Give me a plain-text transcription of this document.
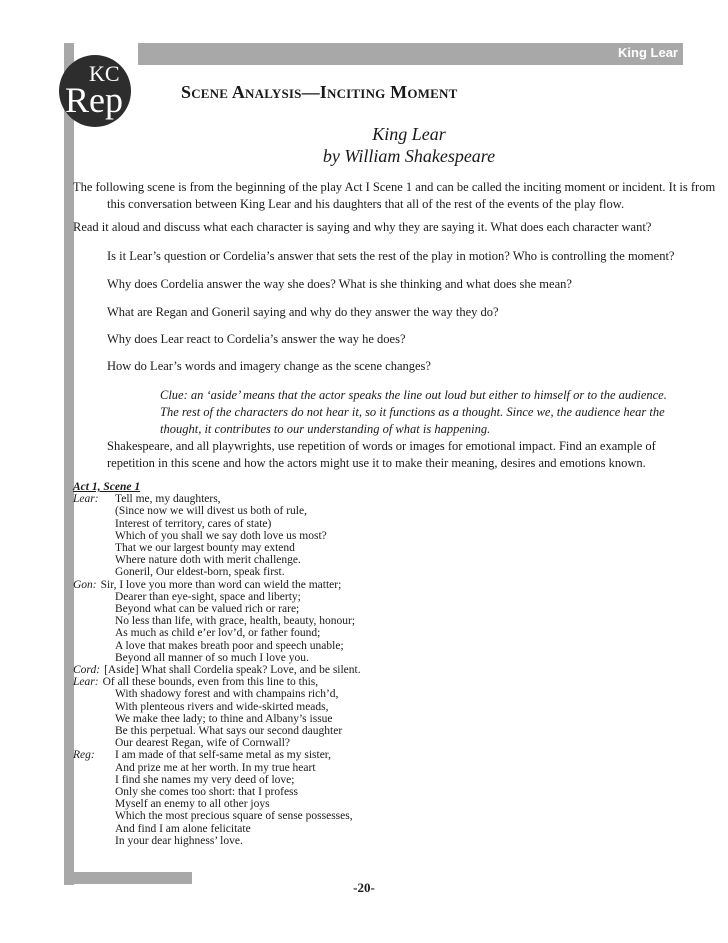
King Lear
KC
Rep	Scene Analysis—Inciting Moment
King Lear
by William Shakespeare
The following scene is from the beginning of the play Act I Scene 1 and can be called the inciting moment or incident. It is from this conversation between King Lear and his daughters that all of the rest of the events of the play flow.
Read it aloud and discuss what each character is saying and why they are saying it. What does each character want?
Is it Lear’s question or Cordelia’s answer that sets the rest of the play in motion? Who is controlling the moment?
Why does Cordelia answer the way she does? What is she thinking and what does she mean?
What are Regan and Goneril saying and why do they answer the way they do?
Why does Lear react to Cordelia’s answer the way he does?
How do Lear’s words and imagery change as the scene changes?
Clue: an ‘aside’ means that the actor speaks the line out loud but either to himself or to the audience. The rest of the characters do not hear it, so it functions as a thought. Since we, the audience hear the thought, it contributes to our understanding of what is happening.
Shakespeare, and all playwrights, use repetition of words or images for emotional impact. Find an example of repetition in this scene and how the actors might use it to make their meaning, desires and emotions known.
Act 1, Scene 1
Lear: Tell me, my daughters,
(Since now we will divest us both of rule,
Interest of territory, cares of state)
Which of you shall we say doth love us most?
That we our largest bounty may extend
Where nature doth with merit challenge.
Goneril, Our eldest-born, speak first.
Gon: Sir, I love you more than word can wield the matter;
Dearer than eye-sight, space and liberty;
Beyond what can be valued rich or rare;
No less than life, with grace, health, beauty, honour;
As much as child e’er lov’d, or father found;
A love that makes breath poor and speech unable;
Beyond all manner of so much I love you.
Cord: [Aside] What shall Cordelia speak? Love, and be silent.
Lear: Of all these bounds, even from this line to this,
With shadowy forest and with champains rich’d,
With plenteous rivers and wide-skirted meads,
We make thee lady; to thine and Albany’s issue
Be this perpetual. What says our second daughter
Our dearest Regan, wife of Cornwall?
Reg: I am made of that self-same metal as my sister,
And prize me at her worth. In my true heart
I find she names my very deed of love;
Only she comes too short: that I profess
Myself an enemy to all other joys
Which the most precious square of sense possesses,
And find I am alone felicitate
In your dear highness’ love.
-20-
